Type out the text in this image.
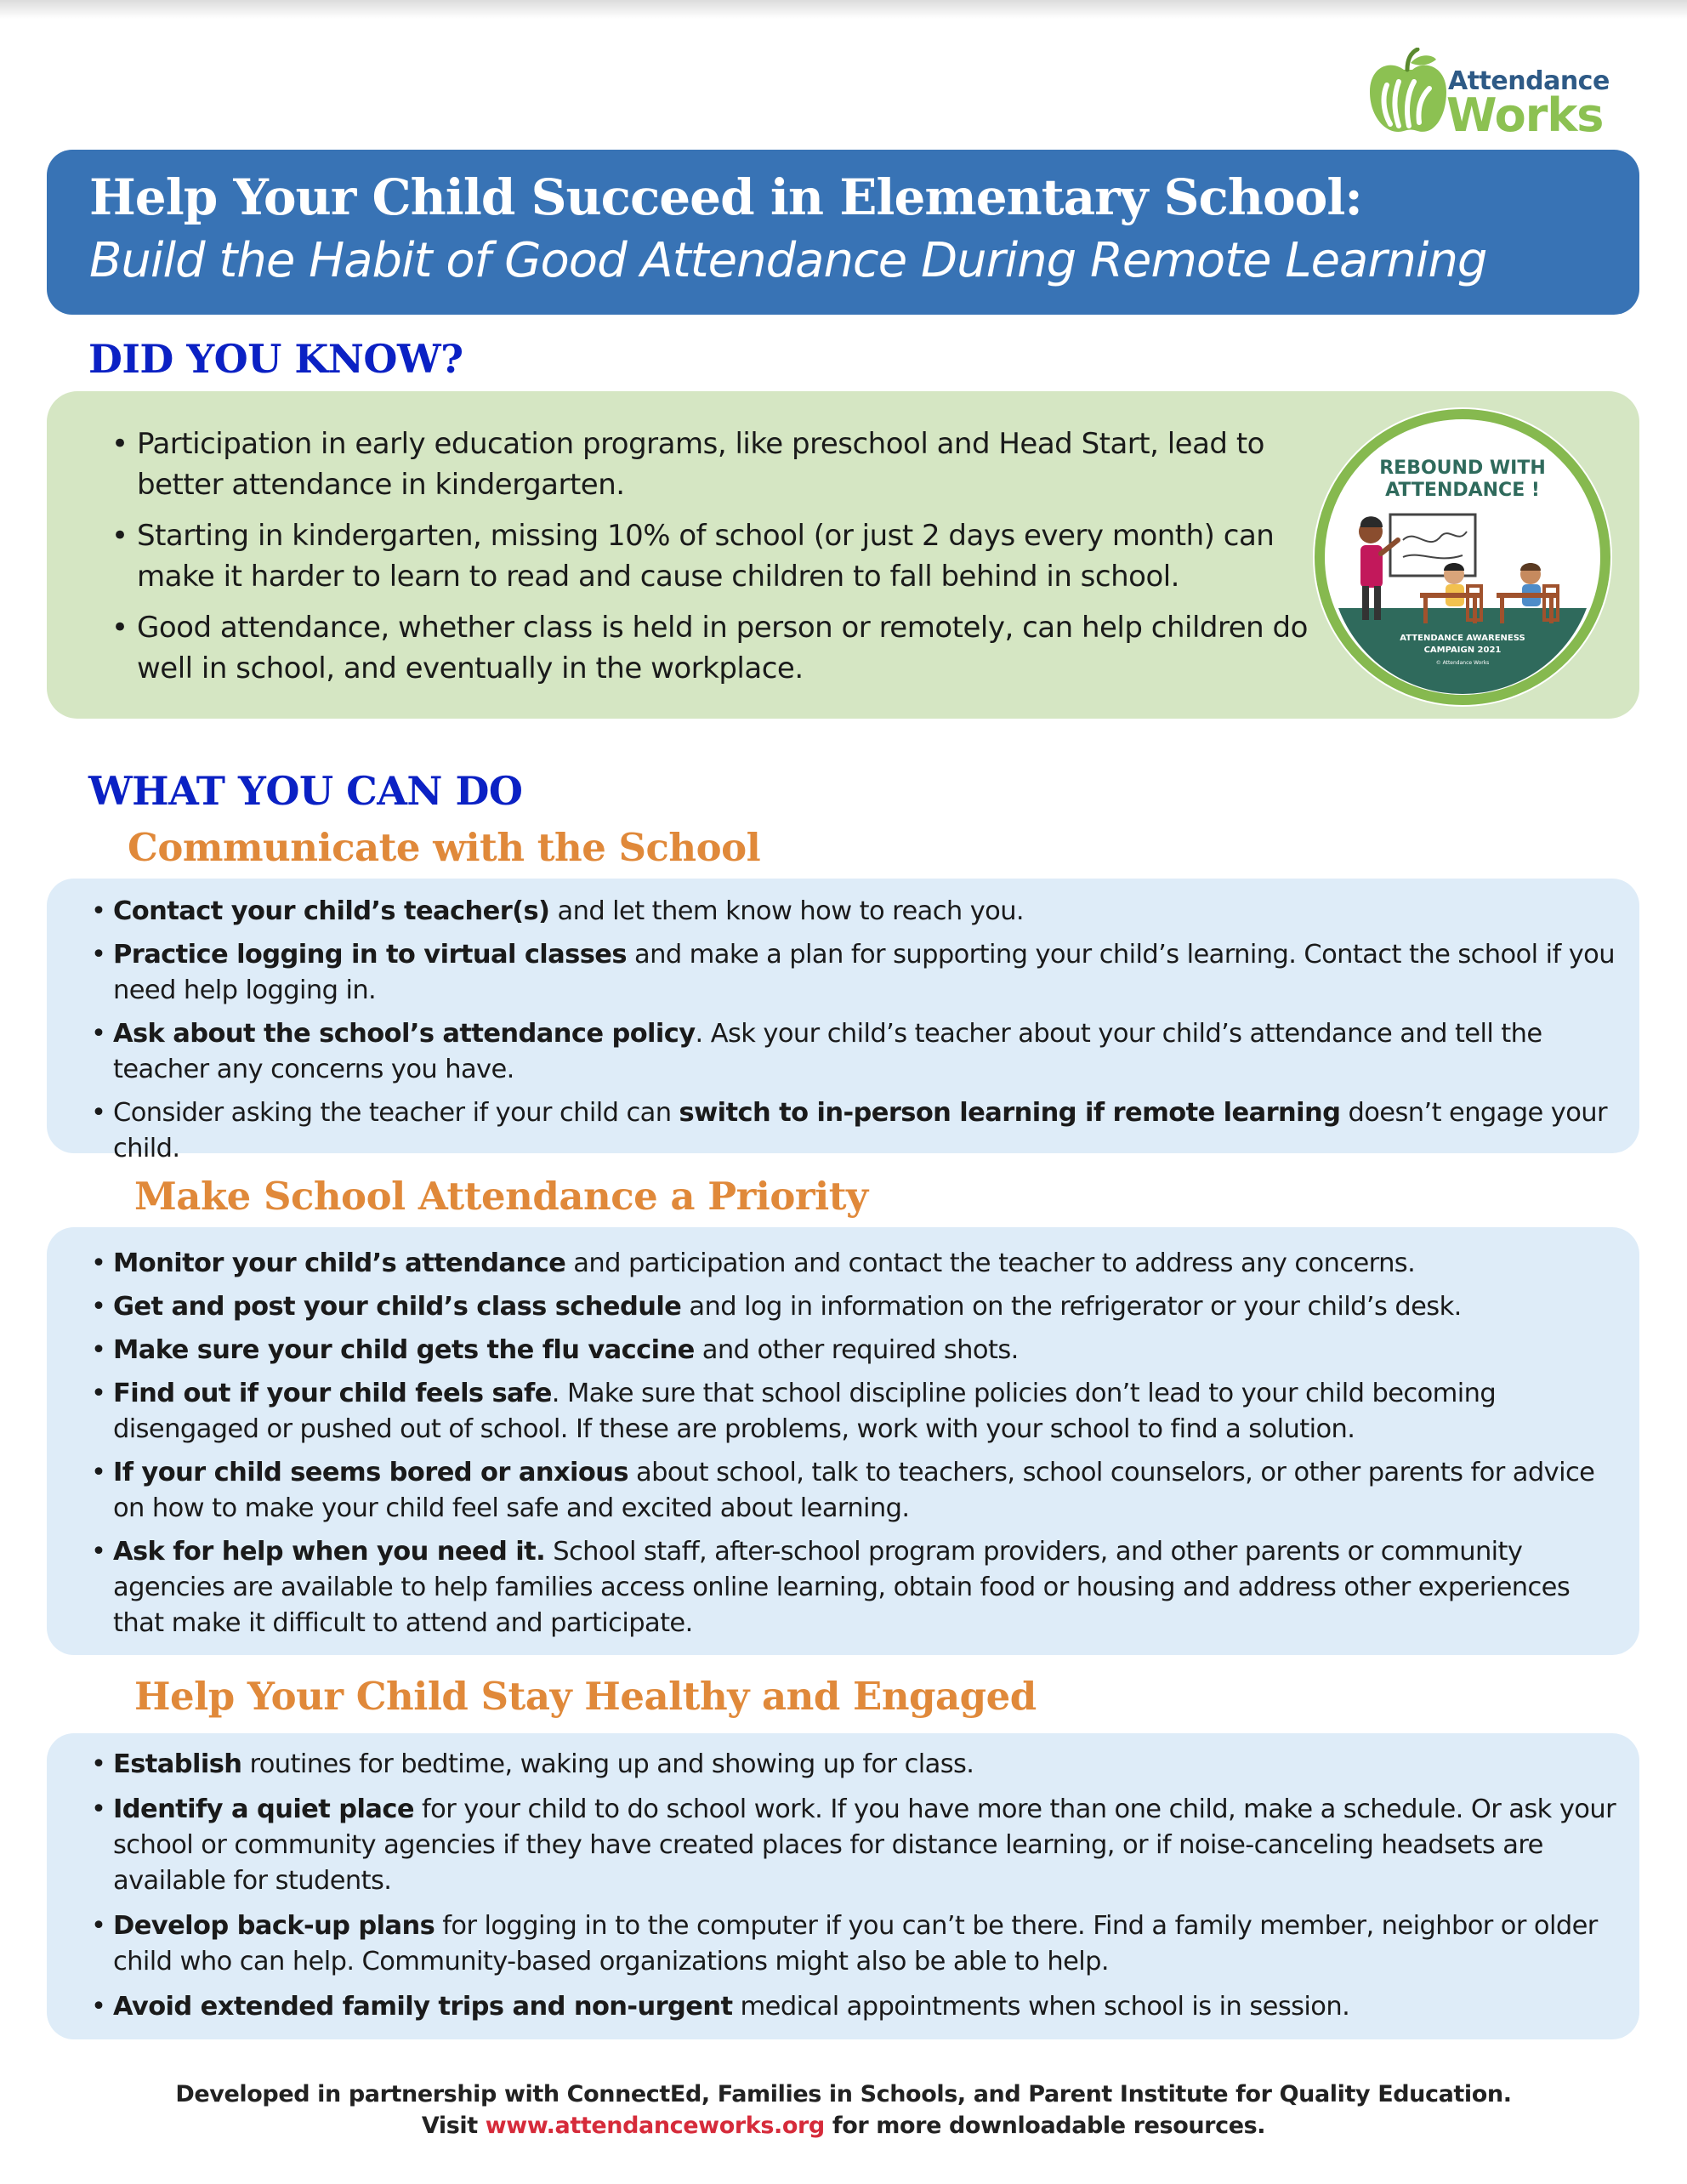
Attendance
Works
Help Your Child Succeed in Elementary School:
Build the Habit of Good Attendance During Remote Learning
DID YOU KNOW?
• Participation in early education programs, like preschool and Head Start, lead to better attendance in kindergarten.
• Starting in kindergarten, missing 10% of school (or just 2 days every month) can make it harder to learn to read and cause children to fall behind in school.
• Good attendance, whether class is held in person or remotely, can help children do well in school, and eventually in the workplace.
REBOUND WITH
ATTENDANCE !
ATTENDANCE AWARENESS
CAMPAIGN 2021
© Attendance Works
WHAT YOU CAN DO
Communicate with the School
• Contact your child’s teacher(s) and let them know how to reach you.
• Practice logging in to virtual classes and make a plan for supporting your child’s learning. Contact the school if you need help logging in.
• Ask about the school’s attendance policy. Ask your child’s teacher about your child’s attendance and tell the teacher any concerns you have.
• Consider asking the teacher if your child can switch to in-person learning if remote learning doesn’t engage your child.
Make School Attendance a Priority
• Monitor your child’s attendance and participation and contact the teacher to address any concerns.
• Get and post your child’s class schedule and log in information on the refrigerator or your child’s desk.
• Make sure your child gets the flu vaccine and other required shots.
• Find out if your child feels safe. Make sure that school discipline policies don’t lead to your child becoming disengaged or pushed out of school. If these are problems, work with your school to find a solution.
• If your child seems bored or anxious about school, talk to teachers, school counselors, or other parents for advice on how to make your child feel safe and excited about learning.
• Ask for help when you need it. School staff, after-school program providers, and other parents or community agencies are available to help families access online learning, obtain food or housing and address other experiences that make it difficult to attend and participate.
Help Your Child Stay Healthy and Engaged
• Establish routines for bedtime, waking up and showing up for class.
• Identify a quiet place for your child to do school work. If you have more than one child, make a schedule. Or ask your school or community agencies if they have created places for distance learning, or if noise-canceling headsets are available for students.
• Develop back-up plans for logging in to the computer if you can’t be there. Find a family member, neighbor or older child who can help. Community-based organizations might also be able to help.
• Avoid extended family trips and non-urgent medical appointments when school is in session.
Developed in partnership with ConnectEd, Families in Schools, and Parent Institute for Quality Education.
Visit www.attendanceworks.org for more downloadable resources.
